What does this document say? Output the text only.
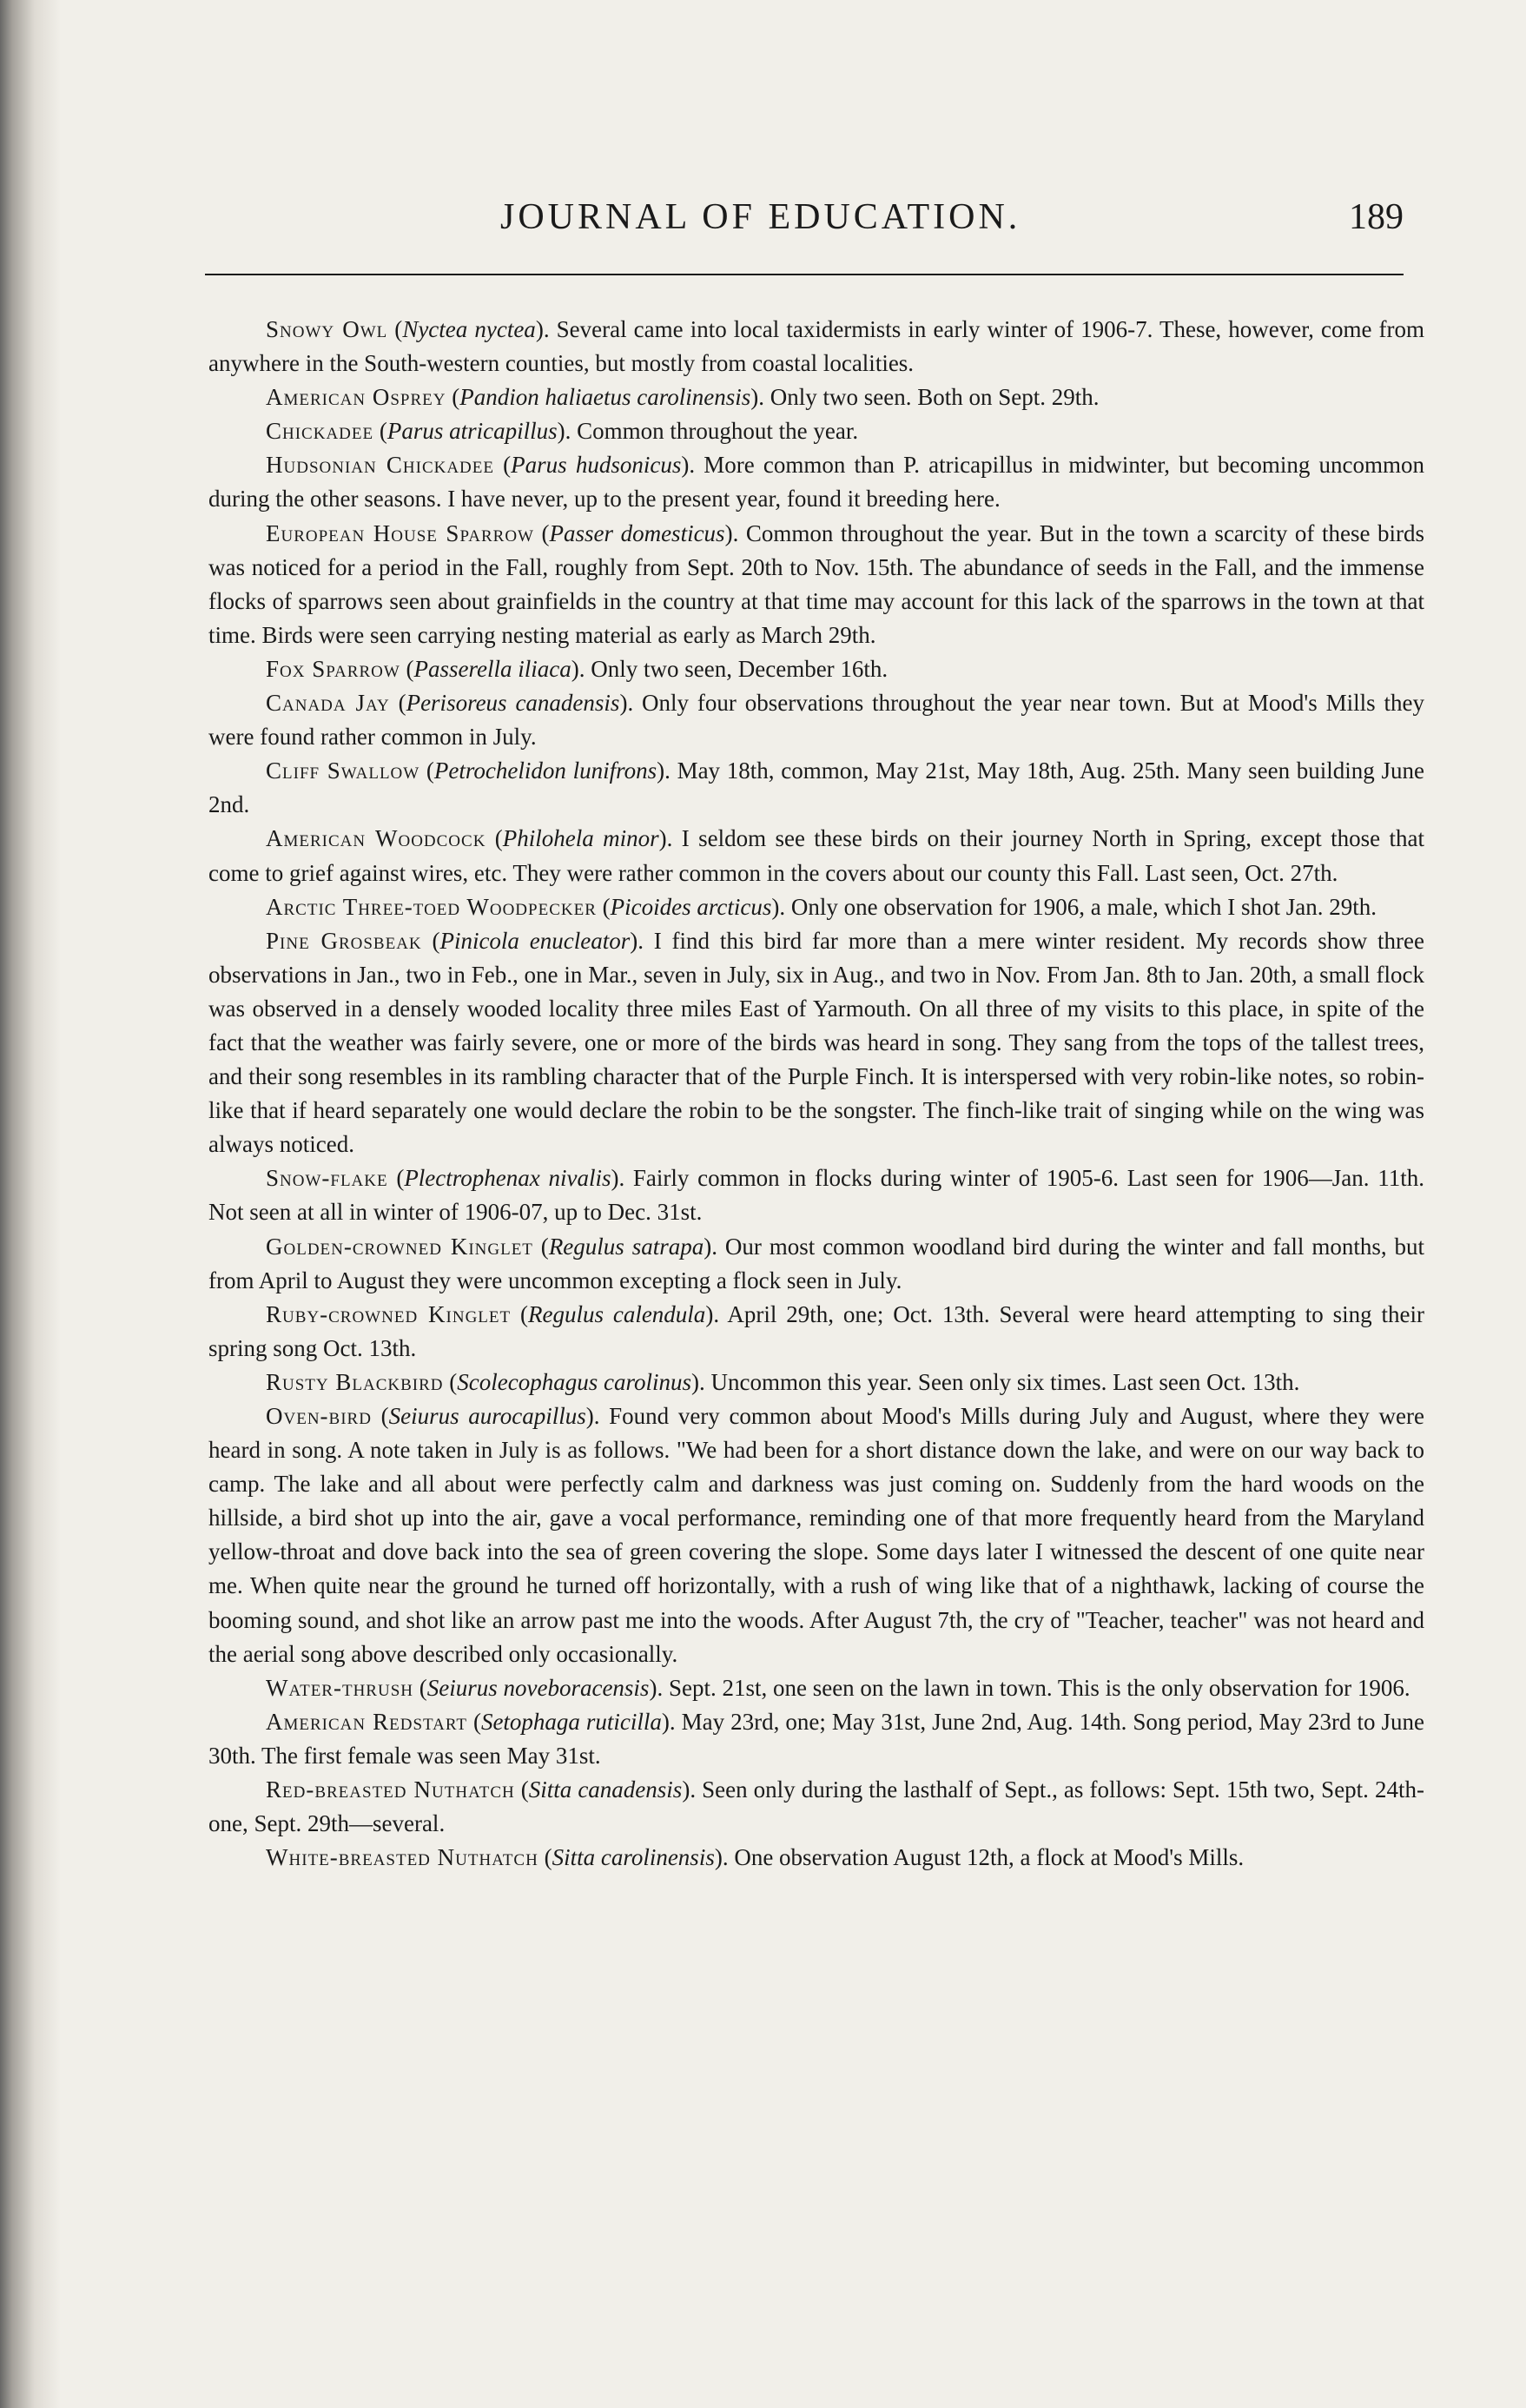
JOURNAL OF EDUCATION.	189

Snowy Owl (Nyctea nyctea). Several came into local taxidermists in early winter of 1906-7. These, however, come from anywhere in the South-western counties, but mostly from coastal localities.

American Osprey (Pandion haliaetus carolinensis). Only two seen. Both on Sept. 29th.

Chickadee (Parus atricapillus). Common throughout the year.

Hudsonian Chickadee (Parus hudsonicus). More common than P. atricapillus in midwinter, but becoming uncommon during the other seasons. I have never, up to the present year, found it breeding here.

European House Sparrow (Passer domesticus). Common throughout the year. But in the town a scarcity of these birds was noticed for a period in the Fall, roughly from Sept. 20th to Nov. 15th. The abundance of seeds in the Fall, and the immense flocks of sparrows seen about grainfields in the country at that time may account for this lack of the sparrows in the town at that time. Birds were seen carrying nesting material as early as March 29th.

Fox Sparrow (Passerella iliaca). Only two seen, December 16th.

Canada Jay (Perisoreus canadensis). Only four observations throughout the year near town. But at Mood's Mills they were found rather common in July.

Cliff Swallow (Petrochelidon lunifrons). May 18th, common, May 21st, May 18th, Aug. 25th. Many seen building June 2nd.

American Woodcock (Philohela minor). I seldom see these birds on their journey North in Spring, except those that come to grief against wires, etc. They were rather common in the covers about our county this Fall. Last seen, Oct. 27th.

Arctic Three-toed Woodpecker (Picoides arcticus). Only one observation for 1906, a male, which I shot Jan. 29th.

Pine Grosbeak (Pinicola enucleator). I find this bird far more than a mere winter resident. My records show three observations in Jan., two in Feb., one in Mar., seven in July, six in Aug., and two in Nov. From Jan. 8th to Jan. 20th, a small flock was observed in a densely wooded locality three miles East of Yarmouth. On all three of my visits to this place, in spite of the fact that the weather was fairly severe, one or more of the birds was heard in song. They sang from the tops of the tallest trees, and their song resembles in its rambling character that of the Purple Finch. It is interspersed with very robin-like notes, so robin-like that if heard separately one would declare the robin to be the songster. The finch-like trait of singing while on the wing was always noticed.

Snow-flake (Plectrophenax nivalis). Fairly common in flocks during winter of 1905-6. Last seen for 1906—Jan. 11th. Not seen at all in winter of 1906-07, up to Dec. 31st.

Golden-crowned Kinglet (Regulus satrapa). Our most common woodland bird during the winter and fall months, but from April to August they were uncommon excepting a flock seen in July.

Ruby-crowned Kinglet (Regulus calendula). April 29th, one; Oct. 13th. Several were heard attempting to sing their spring song Oct. 13th.

Rusty Blackbird (Scolecophagus carolinus). Uncommon this year. Seen only six times. Last seen Oct. 13th.

Oven-bird (Seiurus aurocapillus). Found very common about Mood's Mills during July and August, where they were heard in song. A note taken in July is as follows. "We had been for a short distance down the lake, and were on our way back to camp. The lake and all about were perfectly calm and darkness was just coming on. Suddenly from the hard woods on the hillside, a bird shot up into the air, gave a vocal performance, reminding one of that more frequently heard from the Maryland yellow-throat and dove back into the sea of green covering the slope. Some days later I witnessed the descent of one quite near me. When quite near the ground he turned off horizontally, with a rush of wing like that of a nighthawk, lacking of course the booming sound, and shot like an arrow past me into the woods. After August 7th, the cry of "Teacher, teacher" was not heard and the aerial song above described only occasionally.

Water-thrush (Seiurus noveboracensis). Sept. 21st, one seen on the lawn in town. This is the only observation for 1906.

American Redstart (Setophaga ruticilla). May 23rd, one; May 31st, June 2nd, Aug. 14th. Song period, May 23rd to June 30th. The first female was seen May 31st.

Red-breasted Nuthatch (Sitta canadensis). Seen only during the lasthalf of Sept., as follows: Sept. 15th two, Sept. 24th-one, Sept. 29th—several.

White-breasted Nuthatch (Sitta carolinensis). One observation August 12th, a flock at Mood's Mills.
